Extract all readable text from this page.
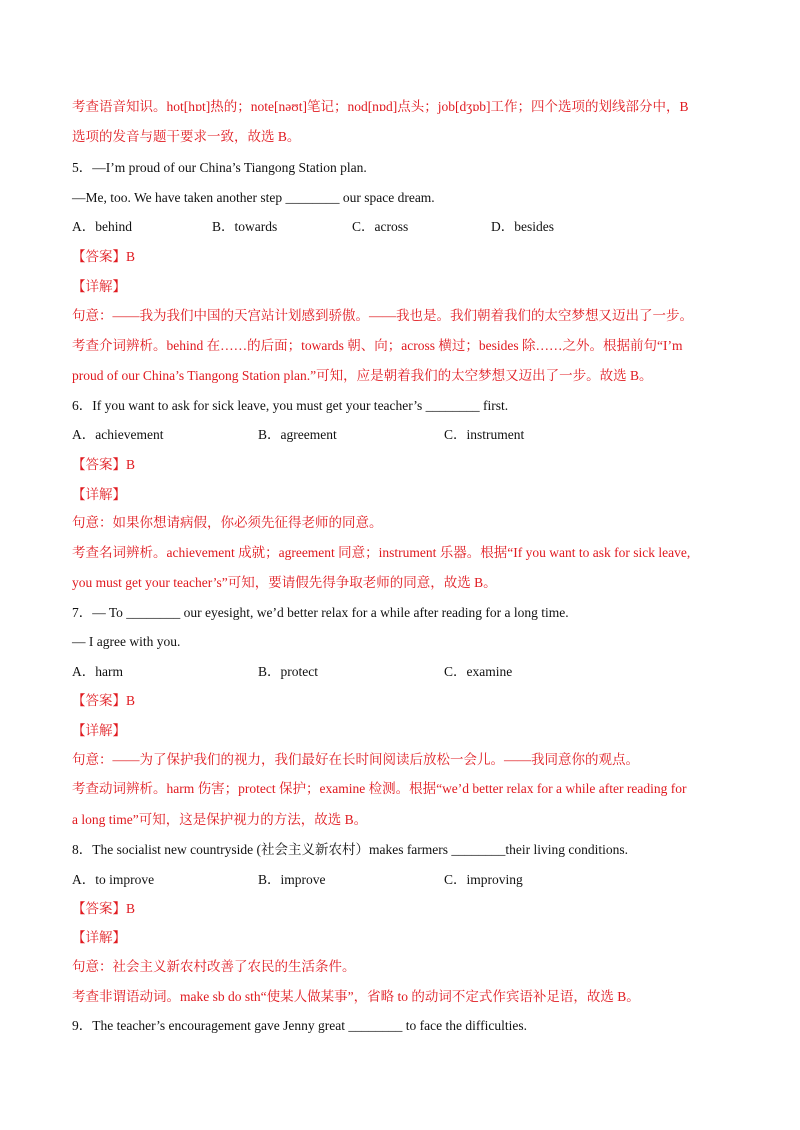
考查语音知识。hot[hɒt]热的；note[nəʊt]笔记；nod[nɒd]点头；job[dʒɒb]工作；四个选项的划线部分中，B
选项的发音与题干要求一致，故选 B。
5．—I’m proud of our China’s Tiangong Station plan.
—Me, too. We have taken another step ________ our space dream.
A．behind	B．towards	C．across	D．besides
【答案】B
【详解】
句意：——我为我们中国的天宫站计划感到骄傲。——我也是。我们朝着我们的太空梦想又迈出了一步。
考查介词辨析。behind 在……的后面；towards 朝、向；across 横过；besides 除……之外。根据前句“I’m
proud of our China’s Tiangong Station plan.”可知，应是朝着我们的太空梦想又迈出了一步。故选 B。
6．If you want to ask for sick leave, you must get your teacher’s ________ first.
A．achievement	B．agreement	C．instrument
【答案】B
【详解】
句意：如果你想请病假，你必须先征得老师的同意。
考查名词辨析。achievement 成就；agreement 同意；instrument 乐器。根据“If you want to ask for sick leave,
you must get your teacher’s”可知，要请假先得争取老师的同意，故选 B。
7．— To ________ our eyesight, we’d better relax for a while after reading for a long time.
— I agree with you.
A．harm	B．protect	C．examine
【答案】B
【详解】
句意：——为了保护我们的视力，我们最好在长时间阅读后放松一会儿。——我同意你的观点。
考查动词辨析。harm 伤害；protect 保护；examine 检测。根据“we’d better relax for a while after reading for
a long time”可知，这是保护视力的方法，故选 B。
8．The socialist new countryside (社会主义新农村）makes farmers ________their living conditions.
A．to improve	B．improve	C．improving
【答案】B
【详解】
句意：社会主义新农村改善了农民的生活条件。
考查非谓语动词。make sb do sth“使某人做某事”，省略 to 的动词不定式作宾语补足语，故选 B。
9．The teacher’s encouragement gave Jenny great ________ to face the difficulties.
